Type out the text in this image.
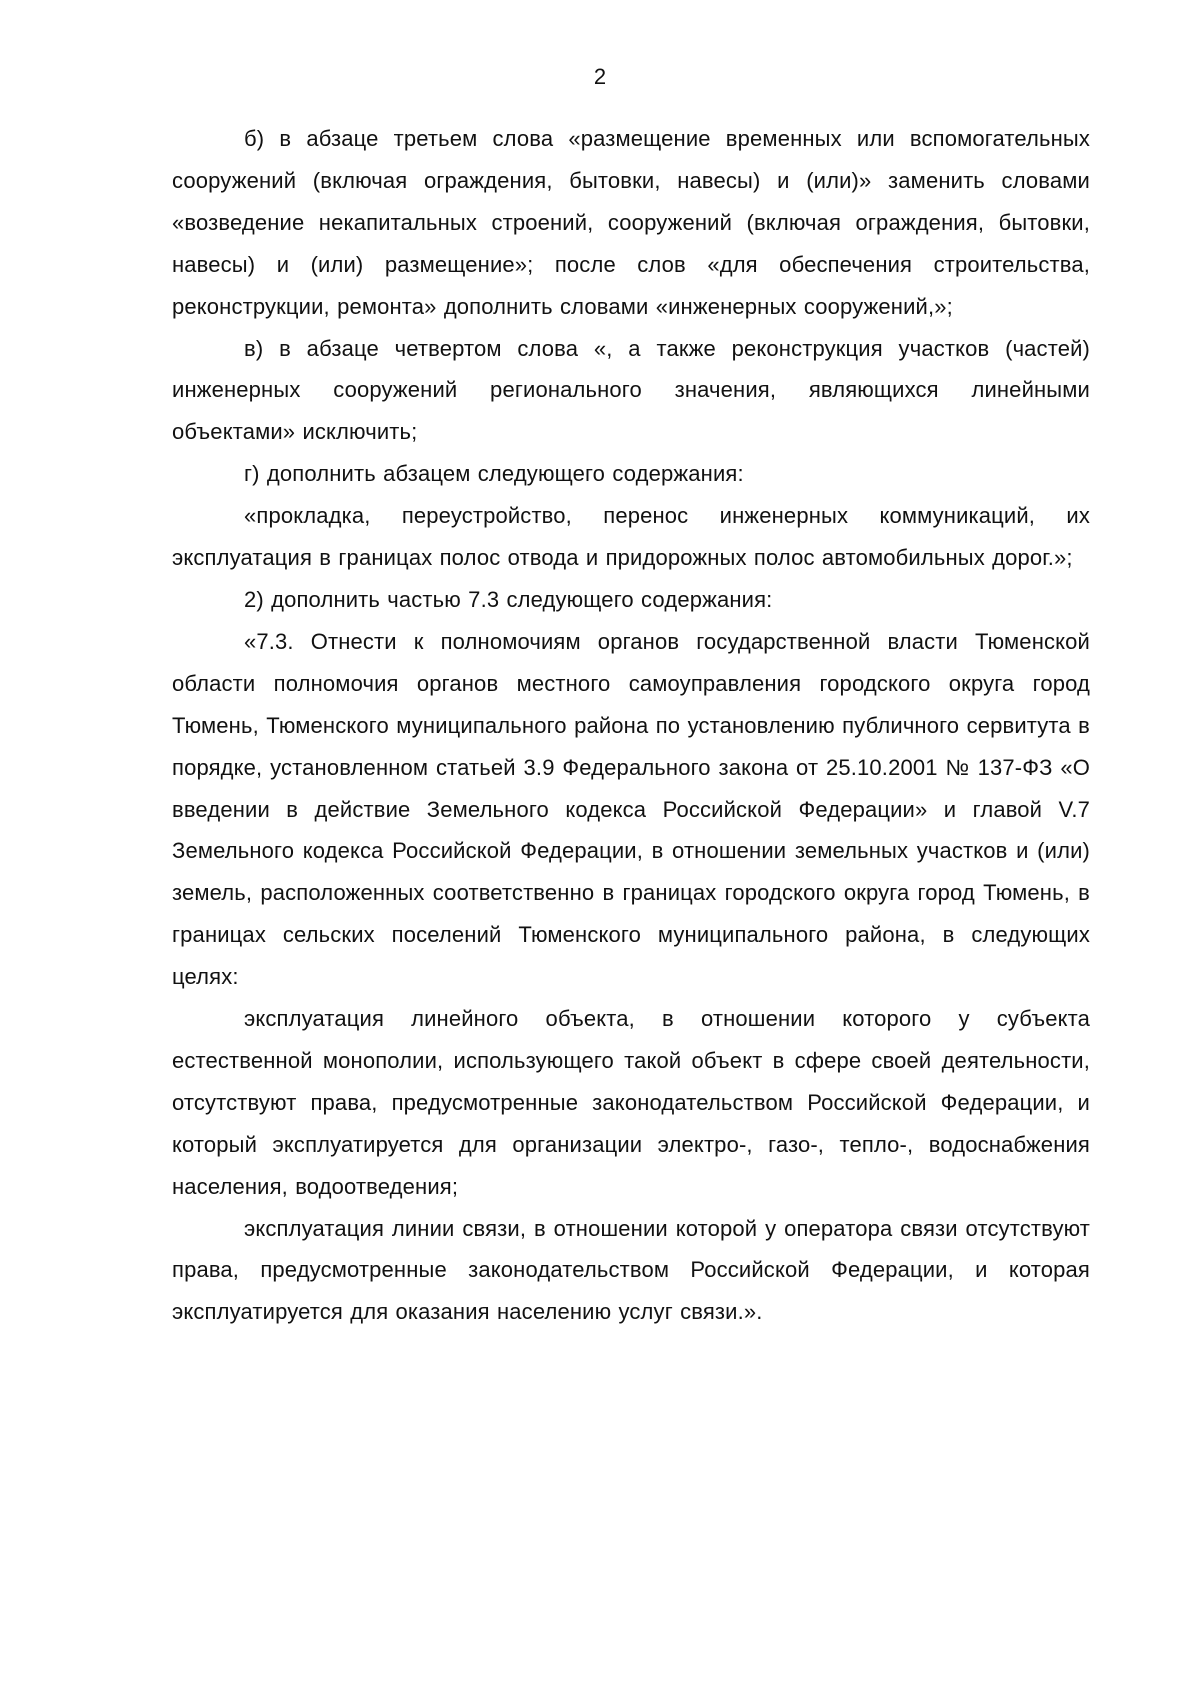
2

б) в абзаце третьем слова «размещение временных или вспомогательных сооружений (включая ограждения, бытовки, навесы) и (или)» заменить словами «возведение некапитальных строений, сооружений (включая ограждения, бытовки, навесы) и (или) размещение»; после слов «для обеспечения строительства, реконструкции, ремонта» дополнить словами «инженерных сооружений,»;

в) в абзаце четвертом слова «, а также реконструкция участков (частей) инженерных сооружений регионального значения, являющихся линейными объектами» исключить;

г) дополнить абзацем следующего содержания:

«прокладка, переустройство, перенос инженерных коммуникаций, их эксплуатация в границах полос отвода и придорожных полос автомобильных дорог.»;

2) дополнить частью 7.3 следующего содержания:

«7.3. Отнести к полномочиям органов государственной власти Тюменской области полномочия органов местного самоуправления городского округа город Тюмень, Тюменского муниципального района по установлению публичного сервитута в порядке, установленном статьей 3.9 Федерального закона от 25.10.2001 № 137-ФЗ «О введении в действие Земельного кодекса Российской Федерации» и главой V.7 Земельного кодекса Российской Федерации, в отношении земельных участков и (или) земель, расположенных соответственно в границах городского округа город Тюмень, в границах сельских поселений Тюменского муниципального района, в следующих целях:

эксплуатация линейного объекта, в отношении которого у субъекта естественной монополии, использующего такой объект в сфере своей деятельности, отсутствуют права, предусмотренные законодательством Российской Федерации, и который эксплуатируется для организации электро-, газо-, тепло-, водоснабжения населения, водоотведения;

эксплуатация линии связи, в отношении которой у оператора связи отсутствуют права, предусмотренные законодательством Российской Федерации, и которая эксплуатируется для оказания населению услуг связи.».
